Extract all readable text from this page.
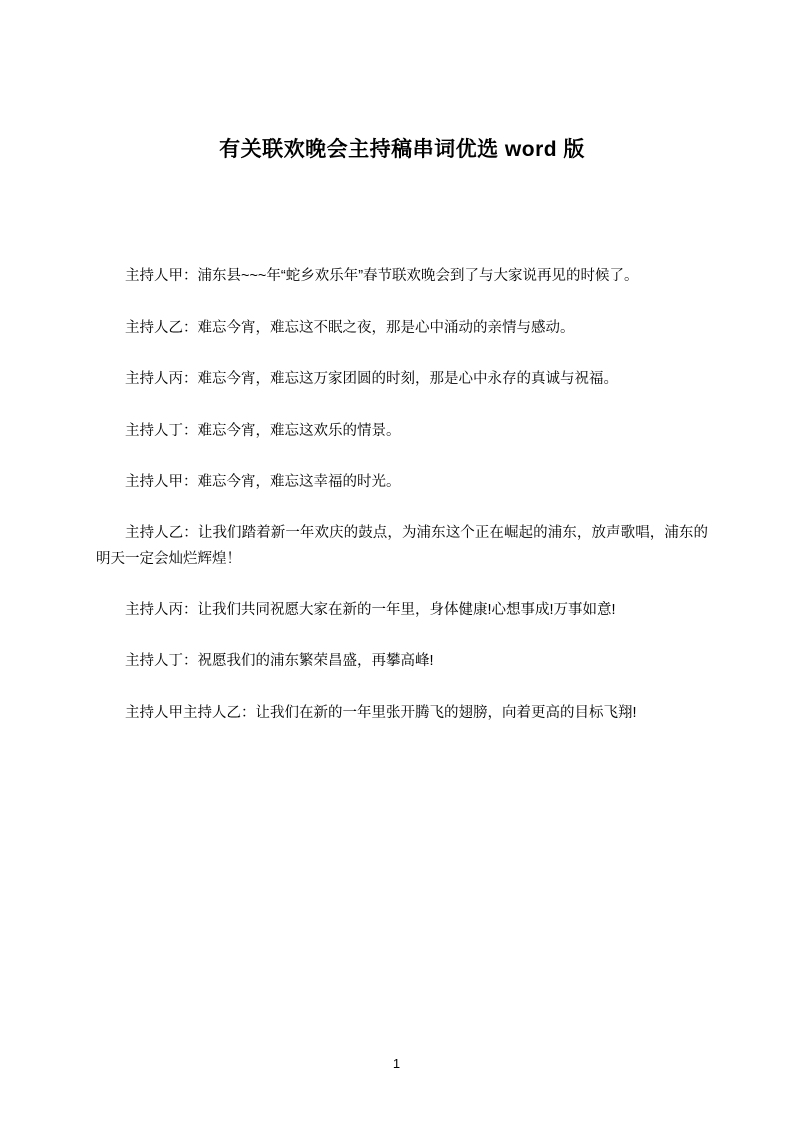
有关联欢晚会主持稿串词优选 word 版

主持人甲：浦东县~~~年“蛇乡欢乐年”春节联欢晚会到了与大家说再见的时候了。

主持人乙：难忘今宵，难忘这不眠之夜，那是心中涌动的亲情与感动。

主持人丙：难忘今宵，难忘这万家团圆的时刻，那是心中永存的真诚与祝福。

主持人丁：难忘今宵，难忘这欢乐的情景。

主持人甲：难忘今宵，难忘这幸福的时光。

主持人乙：让我们踏着新一年欢庆的鼓点，为浦东这个正在崛起的浦东，放声歌唱，浦东的明天一定会灿烂辉煌！

主持人丙：让我们共同祝愿大家在新的一年里，身体健康!心想事成!万事如意!

主持人丁：祝愿我们的浦东繁荣昌盛，再攀高峰!

主持人甲主持人乙：让我们在新的一年里张开腾飞的翅膀，向着更高的目标飞翔!

1
